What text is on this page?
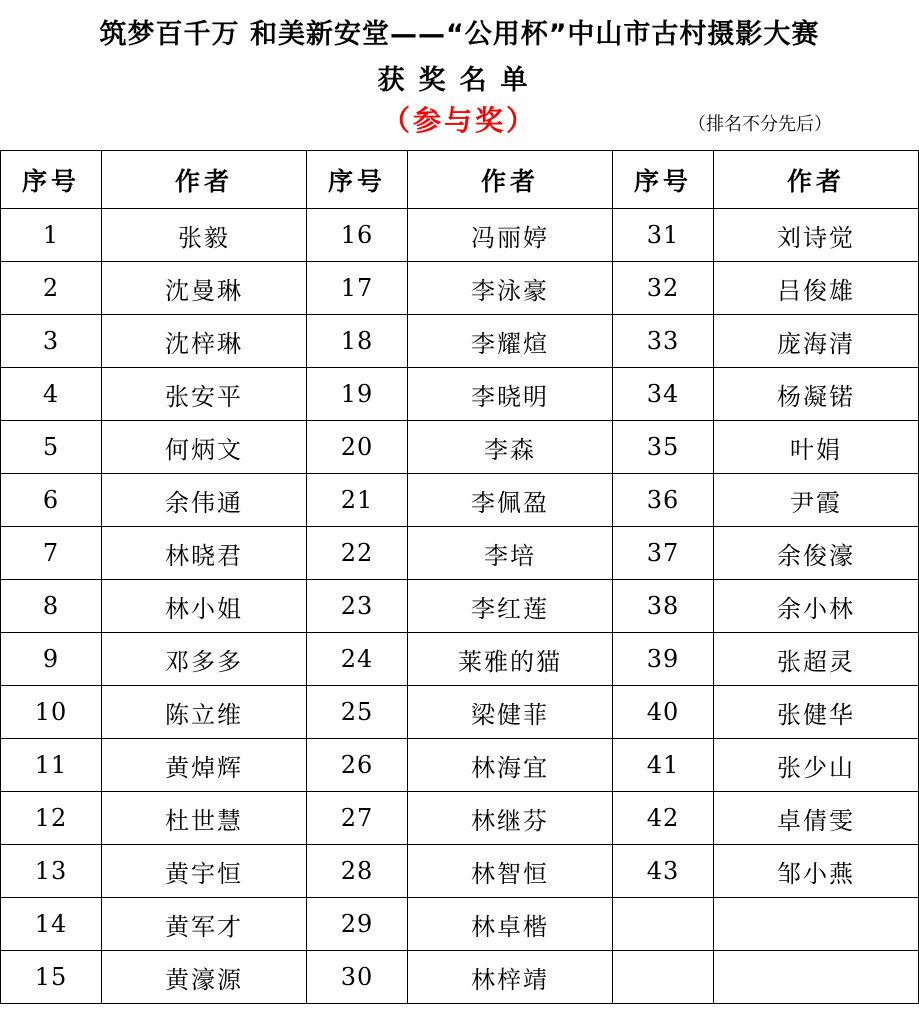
筑梦百千万 和美新安堂——“公用杯”中山市古村摄影大赛
获奖名单
（参与奖）	（排名不分先后）
序号	作者	序号	作者	序号	作者
1	张毅	16	冯丽婷	31	刘诗觉
2	沈曼琳	17	李泳豪	32	吕俊雄
3	沈梓琳	18	李耀煊	33	庞海清
4	张安平	19	李晓明	34	杨凝锘
5	何炳文	20	李森	35	叶娟
6	余伟通	21	李佩盈	36	尹霞
7	林晓君	22	李培	37	余俊濠
8	林小姐	23	李红莲	38	余小林
9	邓多多	24	莱雅的猫	39	张超灵
10	陈立维	25	梁健菲	40	张健华
11	黄焯辉	26	林海宜	41	张少山
12	杜世慧	27	林继芬	42	卓倩雯
13	黄宇恒	28	林智恒	43	邹小燕
14	黄军才	29	林卓楷		
15	黄濠源	30	林梓靖		
